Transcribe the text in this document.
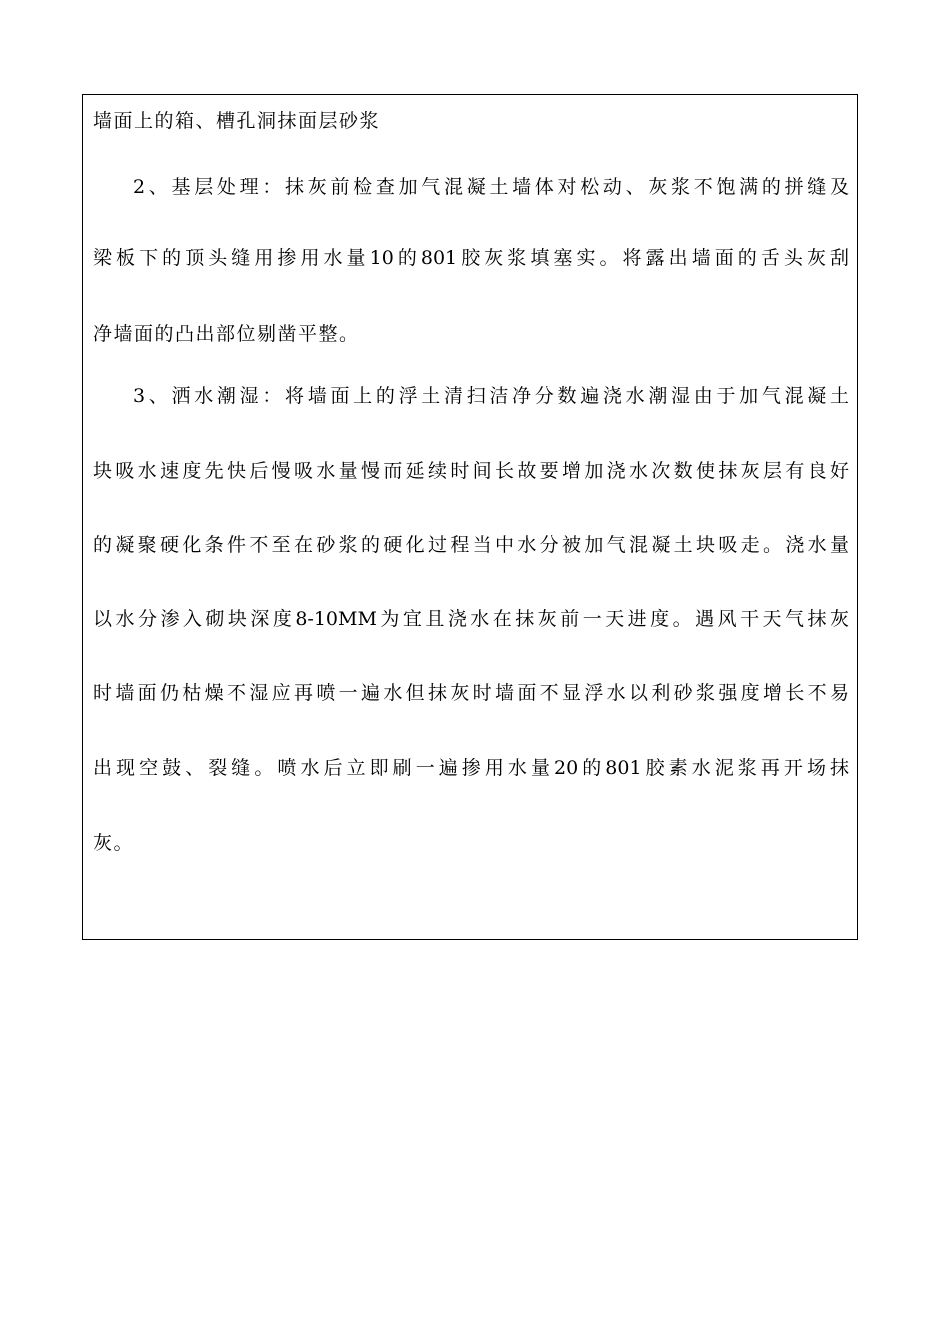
墙面上的箱、槽孔洞抹面层砂浆
2、基层处理：抹灰前检查加气混凝土墙体对松动、灰浆不饱满的拼缝及
梁板下的顶头缝用掺用水量10的801胶灰浆填塞实。将露出墙面的舌头灰刮
净墙面的凸出部位剔凿平整。
3、洒水潮湿：将墙面上的浮土清扫洁净分数遍浇水潮湿由于加气混凝土
块吸水速度先快后慢吸水量慢而延续时间长故要增加浇水次数使抹灰层有良好
的凝聚硬化条件不至在砂浆的硬化过程当中水分被加气混凝土块吸走。浇水量
以水分渗入砌块深度8-10MM为宜且浇水在抹灰前一天进度。遇风干天气抹灰
时墙面仍枯燥不湿应再喷一遍水但抹灰时墙面不显浮水以利砂浆强度增长不易
出现空鼓、裂缝。喷水后立即刷一遍掺用水量20的801胶素水泥浆再开场抹
灰。
